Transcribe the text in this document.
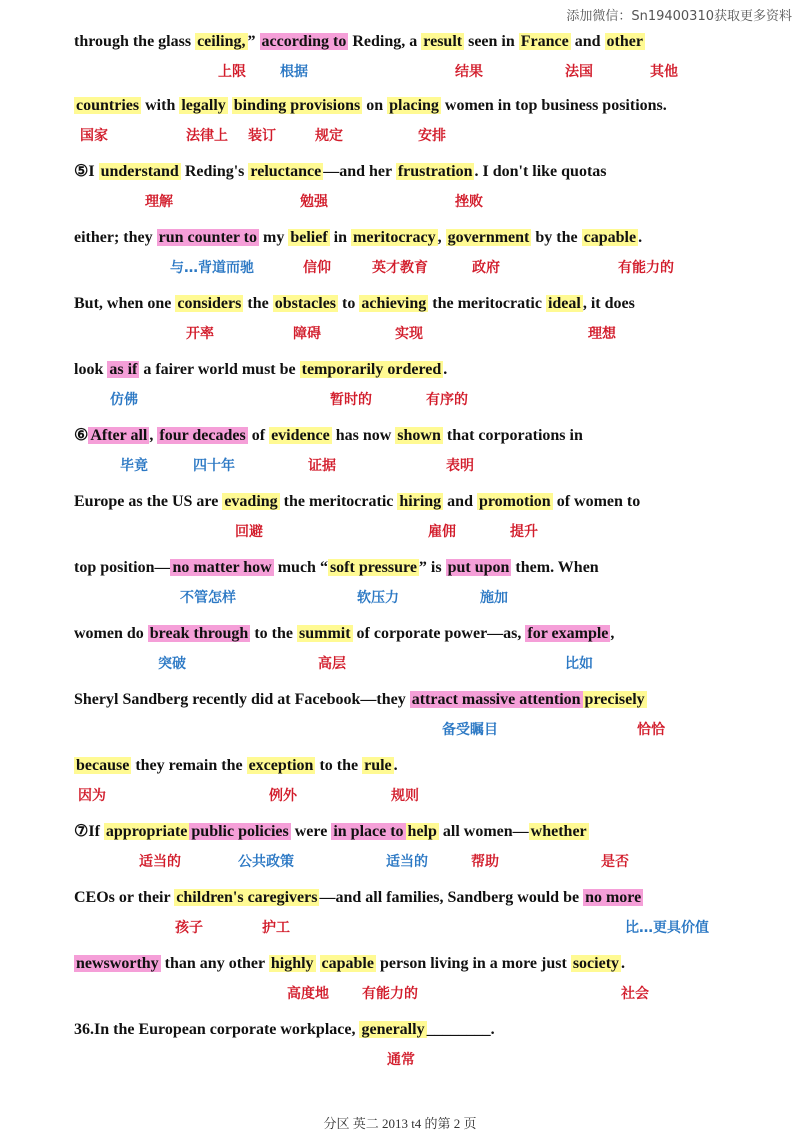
添加微信：Sn19400310获取更多资料
through the glass ceiling, ” according to Reding, a result seen in France and other
上限 根据	结果	法国	其他
countries with legally binding provisions on placing women in top business positions.
国家	法律上 装订	规定	安排
⑤I understand Reding's reluctance —and her frustration . I don't like quotas
理解	勉强	挫败
either; they run counter to my belief in meritocracy , government by the capable .
与…背道而驰	信仰	英才教育	政府	有能力的
But, when one considers the obstacles to achieving the meritocratic ideal , it does
开率	障碍	实现	理想
look as if a fairer world must be temporarily ordered .
仿佛	暂时的	有序的
⑥ After all , four decades of evidence has now shown that corporations in
毕竟	四十年	证据	表明
Europe as the US are evading the meritocratic hiring and promotion of women to
回避	雇佣	提升
top position— no matter how much “ soft pressure ” is put upon them. When
不管怎样	软压力	施加
women do break through to the summit of corporate power—as, for example ,
突破	高层	比如
Sheryl Sandberg recently did at Facebook—they attract massive attention precisely
备受瞩目	恰恰
because they remain the exception to the rule .
因为	例外	规则
⑦If appropriate public policies were in place to help all women— whether
适当的	公共政策	适当的	帮助	是否
CEOs or their children's caregivers —and all families, Sandberg would be no more
孩子	护工	比…更具价值
newsworthy than any other highly capable person living in a more just society .
高度地 有能力的	社会
36.In the European corporate workplace, generally ________.
通常
分区 英二 2013 t4 的第 2 页
